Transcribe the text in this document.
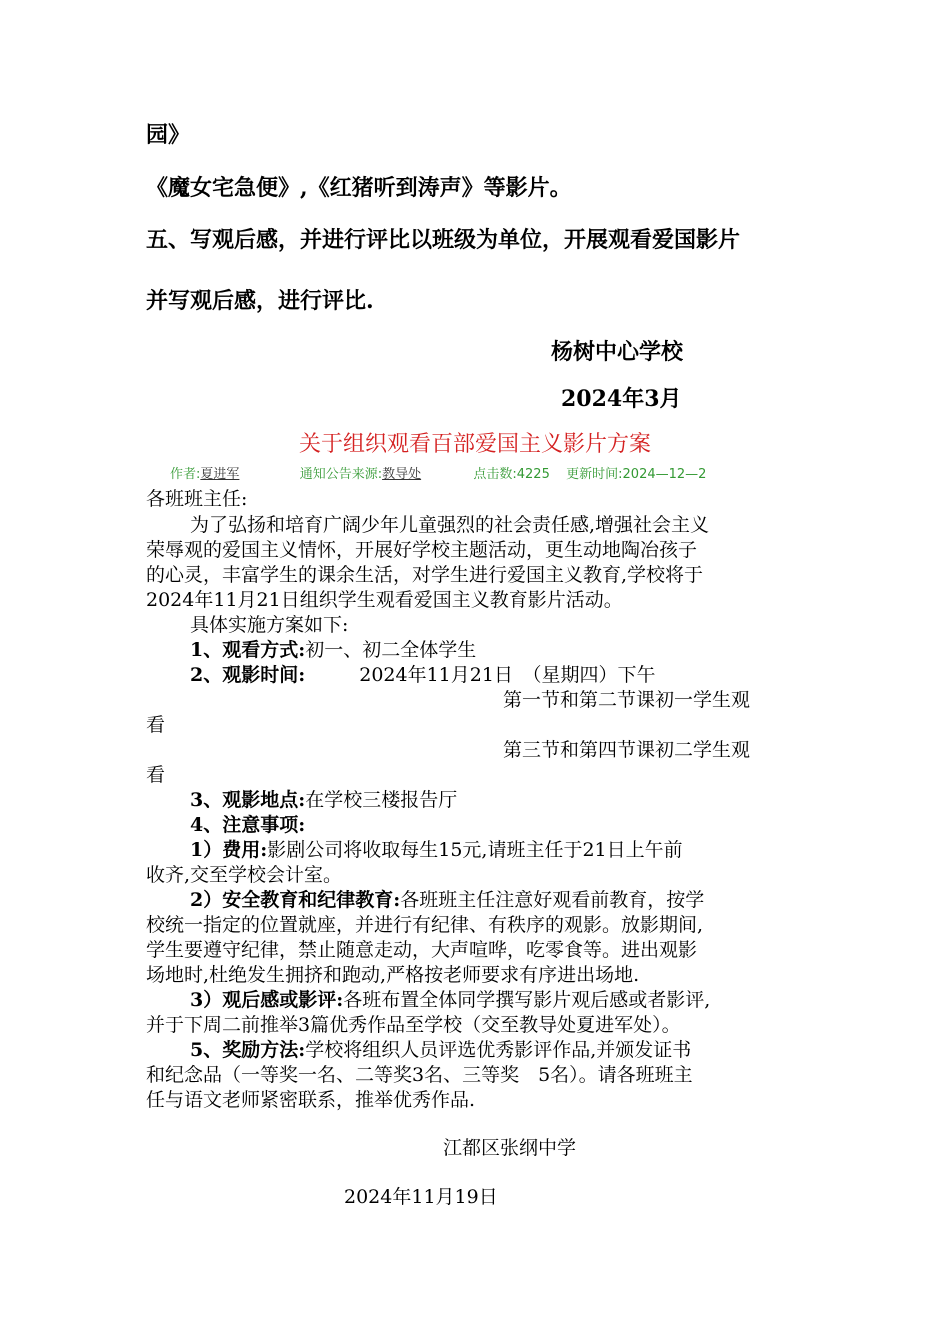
园》
《魔女宅急便》,《红猪听到涛声》等影片。
五、写观后感，并进行评比以班级为单位，开展观看爱国影片
并写观后感，进行评比.
杨树中心学校
2024年3月
关于组织观看百部爱国主义影片方案
作者:夏进军	通知公告来源:教导处	点击数:4225 更新时间:2024—12—2
各班班主任:
为了弘扬和培育广阔少年儿童强烈的社会责任感,增强社会主义
荣辱观的爱国主义情怀，开展好学校主题活动，更生动地陶冶孩子
的心灵，丰富学生的课余生活，对学生进行爱国主义教育,学校将于
2024年11月21日组织学生观看爱国主义教育影片活动。
具体实施方案如下:
1、观看方式:初一、初二全体学生
2、观影时间:	2024年11月21日　（星期四）下午
第一节和第二节课初一学生观
看
第三节和第四节课初二学生观
看
3、观影地点:在学校三楼报告厅
4、注意事项:
1）费用:影剧公司将收取每生15元,请班主任于21日上午前
收齐,交至学校会计室。
2）安全教育和纪律教育:各班班主任注意好观看前教育，按学
校统一指定的位置就座，并进行有纪律、有秩序的观影。放影期间,
学生要遵守纪律，禁止随意走动，大声喧哗，吃零食等。进出观影
场地时,杜绝发生拥挤和跑动,严格按老师要求有序进出场地.
3）观后感或影评:各班布置全体同学撰写影片观后感或者影评,
并于下周二前推举3篇优秀作品至学校（交至教导处夏进军处）。
5、奖励方法:学校将组织人员评选优秀影评作品,并颁发证书
和纪念品（一等奖一名、二等奖3名、三等奖　5名）。请各班班主
任与语文老师紧密联系，推举优秀作品.
江都区张纲中学
2024年11月19日
